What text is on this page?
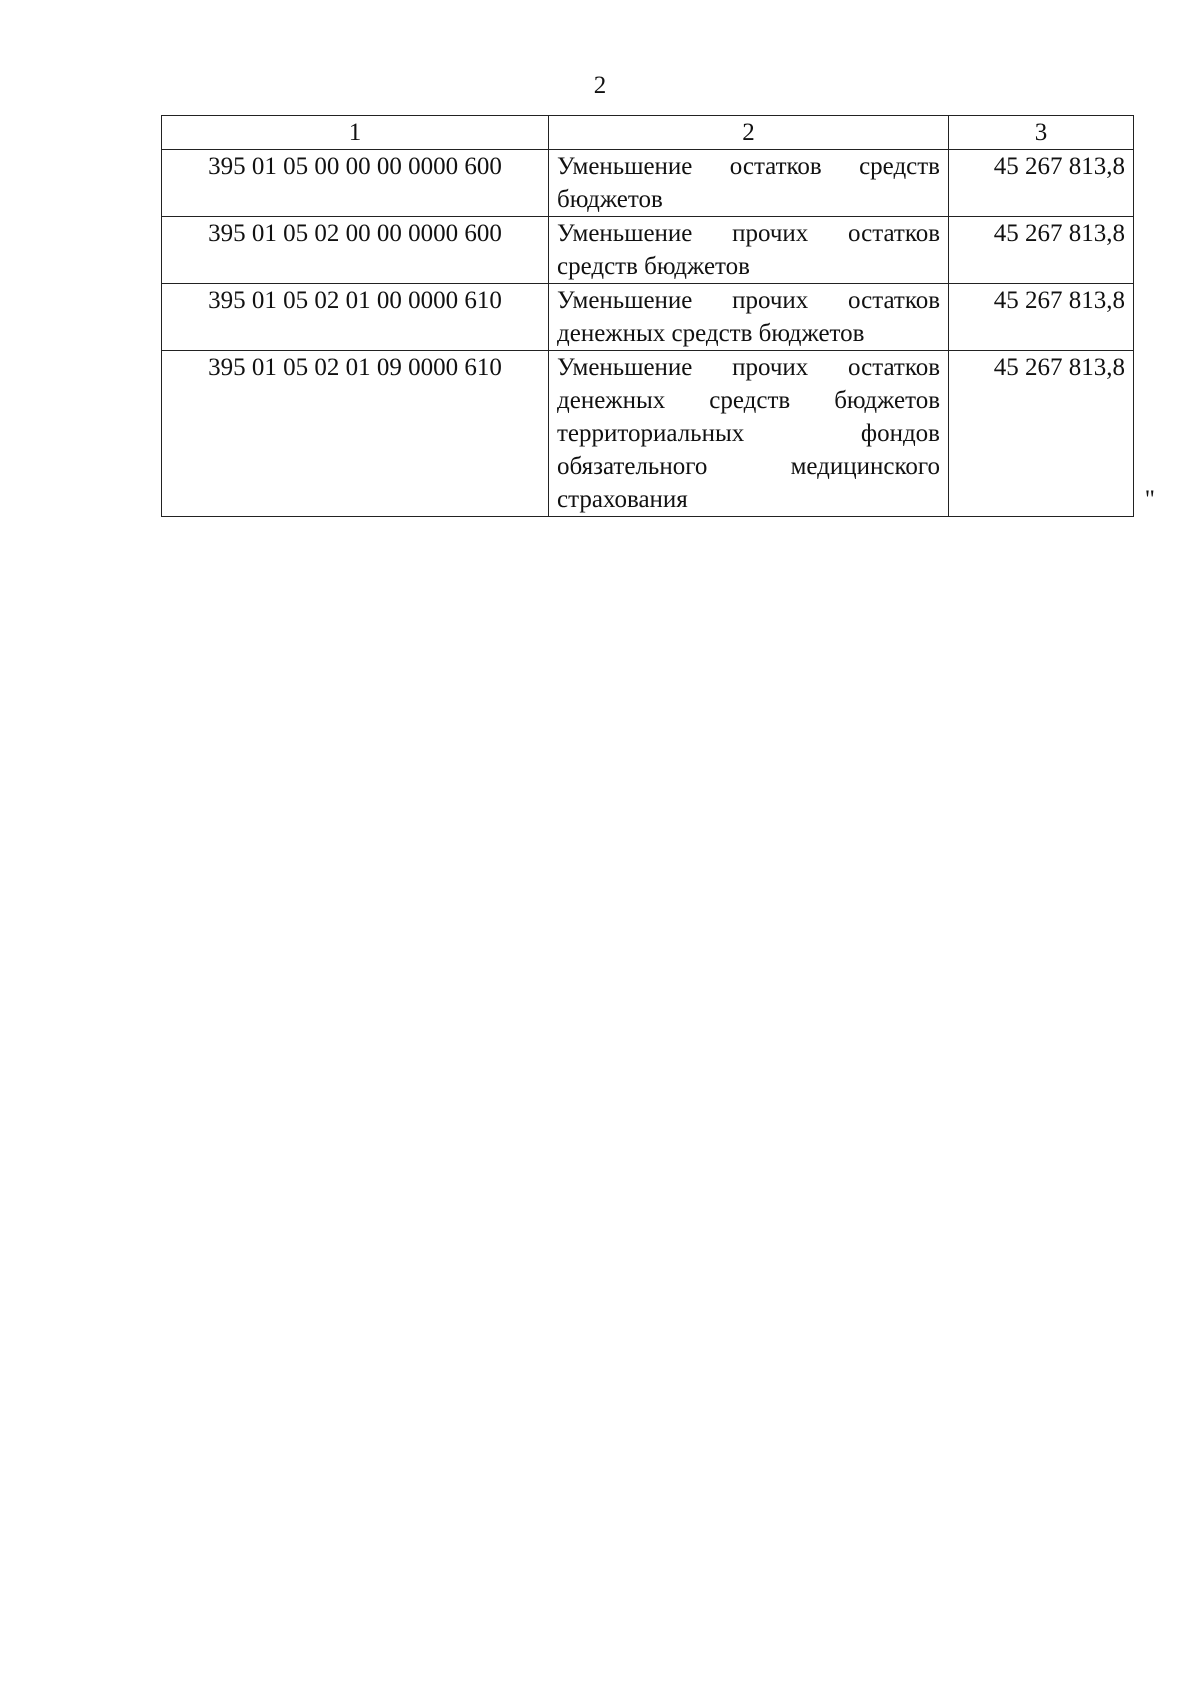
2
1	2	3
395 01 05 00 00 00 0000 600	Уменьшение остатков средств бюджетов	45 267 813,8
395 01 05 02 00 00 0000 600	Уменьшение прочих остатков средств бюджетов	45 267 813,8
395 01 05 02 01 00 0000 610	Уменьшение прочих остатков денежных средств бюджетов	45 267 813,8
395 01 05 02 01 09 0000 610	Уменьшение прочих остатков денежных средств бюджетов территориальных фондов обязательного медицинского страхования	45 267 813,8
"
